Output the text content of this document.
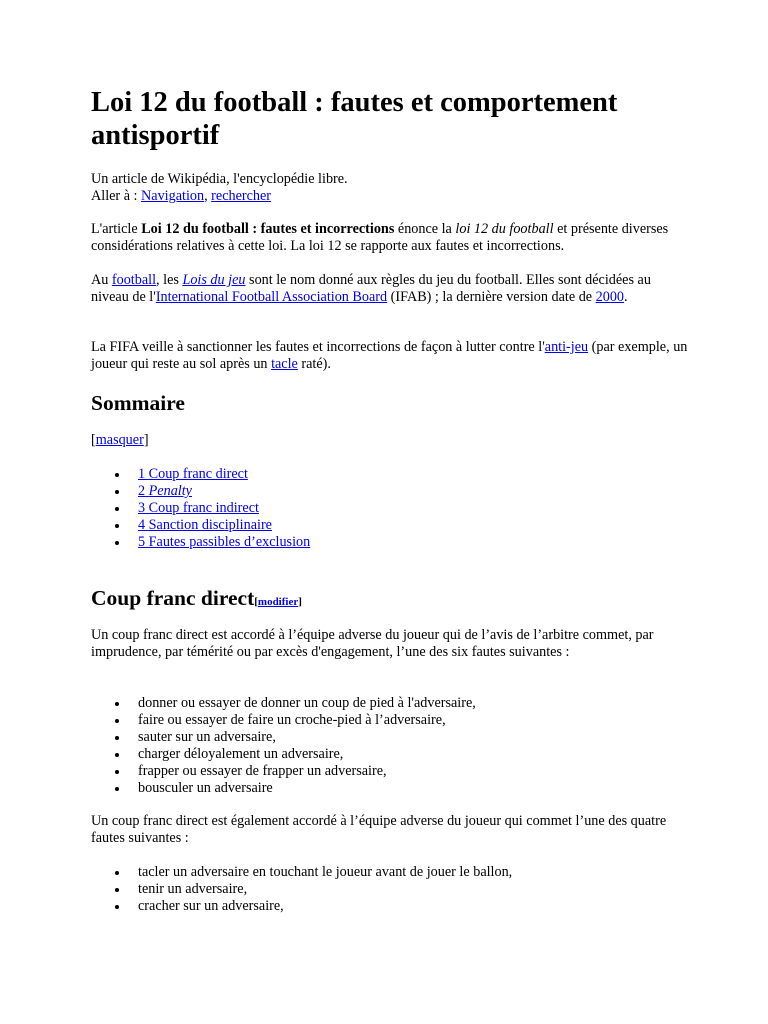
Loi 12 du football : fautes et comportement antisportif

Un article de Wikipédia, l'encyclopédie libre.
Aller à : Navigation, rechercher

L'article Loi 12 du football : fautes et incorrections énonce la loi 12 du football et présente diverses considérations relatives à cette loi. La loi 12 se rapporte aux fautes et incorrections.

Au football, les Lois du jeu sont le nom donné aux règles du jeu du football. Elles sont décidées au niveau de l'International Football Association Board (IFAB) ; la dernière version date de 2000.

La FIFA veille à sanctionner les fautes et incorrections de façon à lutter contre l'anti-jeu (par exemple, un joueur qui reste au sol après un tacle raté).

Sommaire

[masquer]

1 Coup franc direct
2 Penalty
3 Coup franc indirect
4 Sanction disciplinaire
5 Fautes passibles d’exclusion
Coup franc direct[modifier]

Un coup franc direct est accordé à l’équipe adverse du joueur qui de l’avis de l’arbitre commet, par imprudence, par témérité ou par excès d'engagement, l’une des six fautes suivantes :

donner ou essayer de donner un coup de pied à l'adversaire,
faire ou essayer de faire un croche-pied à l’adversaire,
sauter sur un adversaire,
charger déloyalement un adversaire,
frapper ou essayer de frapper un adversaire,
bousculer un adversaire

Un coup franc direct est également accordé à l’équipe adverse du joueur qui commet l’une des quatre fautes suivantes :

tacler un adversaire en touchant le joueur avant de jouer le ballon,
tenir un adversaire,
cracher sur un adversaire,
